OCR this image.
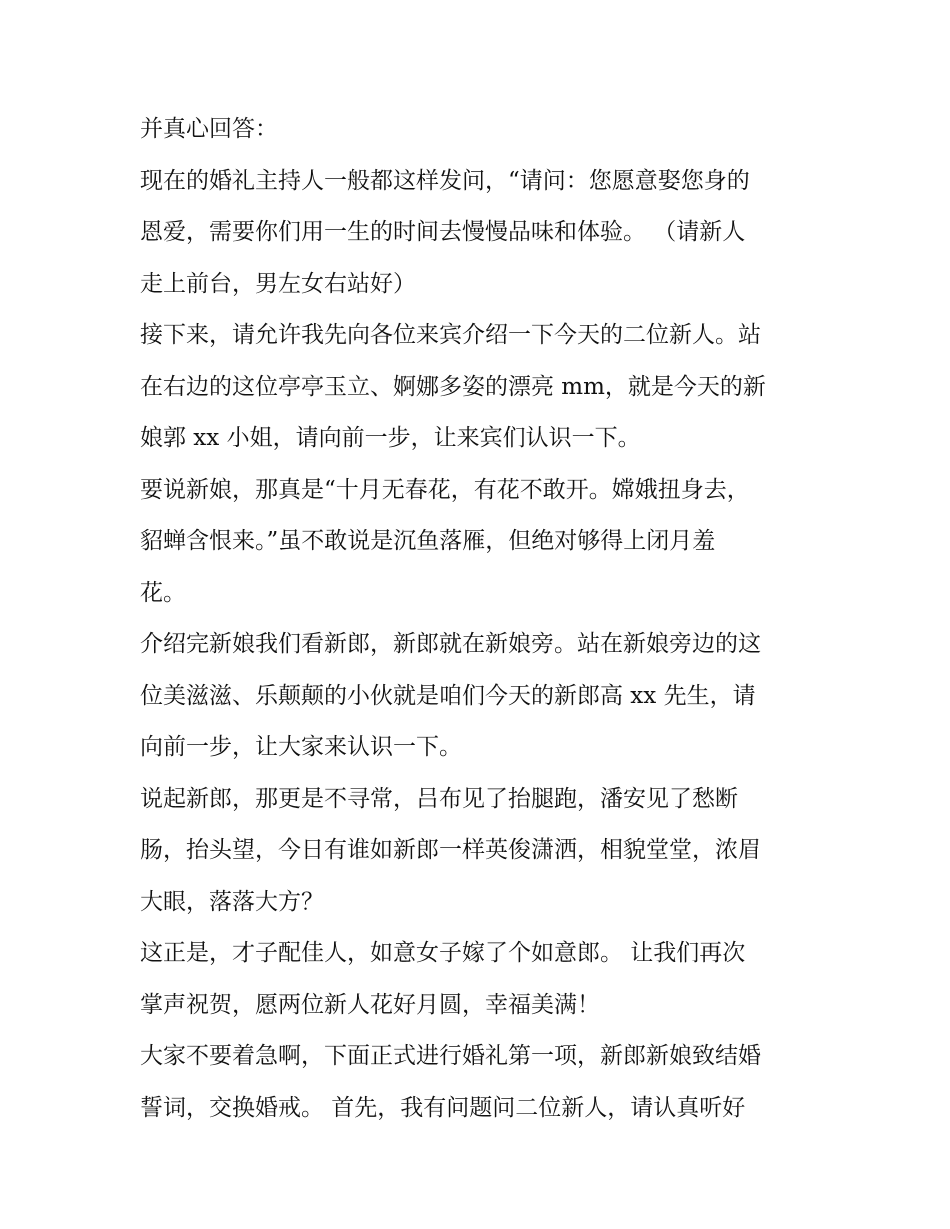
并真心回答：
现在的婚礼主持人一般都这样发问，“请问：您愿意娶您身的
恩爱，需要你们用一生的时间去慢慢品味和体验。 （请新人
走上前台，男左女右站好）
接下来，请允许我先向各位来宾介绍一下今天的二位新人。站
在右边的这位亭亭玉立、婀娜多姿的漂亮 mm，就是今天的新
娘郭 xx 小姐，请向前一步，让来宾们认识一下。
要说新娘，那真是“十月无春花，有花不敢开。嫦娥扭身去，
貂蝉含恨来。”虽不敢说是沉鱼落雁，但绝对够得上闭月羞
花。
介绍完新娘我们看新郎，新郎就在新娘旁。站在新娘旁边的这
位美滋滋、乐颠颠的小伙就是咱们今天的新郎高 xx 先生，请
向前一步，让大家来认识一下。
说起新郎，那更是不寻常，吕布见了抬腿跑，潘安见了愁断
肠，抬头望，今日有谁如新郎一样英俊潇洒，相貌堂堂，浓眉
大眼，落落大方？
这正是，才子配佳人，如意女子嫁了个如意郎。 让我们再次
掌声祝贺，愿两位新人花好月圆，幸福美满！
大家不要着急啊，下面正式进行婚礼第一项，新郎新娘致结婚
誓词，交换婚戒。 首先，我有问题问二位新人，请认真听好
